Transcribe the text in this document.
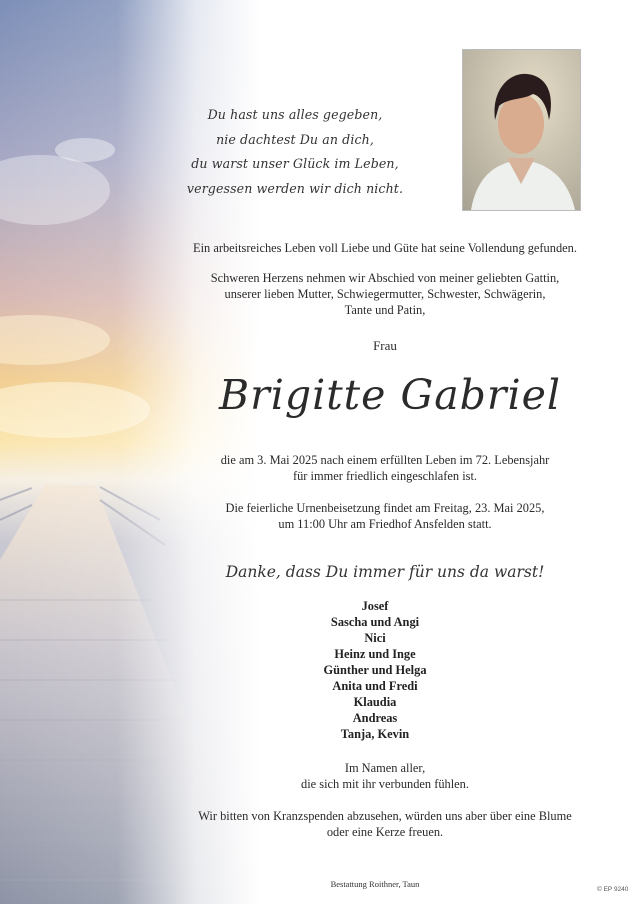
Du hast uns alles gegeben,
nie dachtest Du an dich,
du warst unser Glück im Leben,
vergessen werden wir dich nicht.
Ein arbeitsreiches Leben voll Liebe und Güte hat seine Vollendung gefunden.
Schweren Herzens nehmen wir Abschied von meiner geliebten Gattin,
unserer lieben Mutter, Schwiegermutter, Schwester, Schwägerin,
Tante und Patin,
Frau
Brigitte Gabriel
die am 3. Mai 2025 nach einem erfüllten Leben im 72. Lebensjahr
für immer friedlich eingeschlafen ist.
Die feierliche Urnenbeisetzung findet am Freitag, 23. Mai 2025,
um 11:00 Uhr am Friedhof Ansfelden statt.
Danke, dass Du immer für uns da warst!
Josef
Sascha und Angi
Nici
Heinz und Inge
Günther und Helga
Anita und Fredi
Klaudia
Andreas
Tanja, Kevin
Im Namen aller,
die sich mit ihr verbunden fühlen.
Wir bitten von Kranzspenden abzusehen, würden uns aber über eine Blume
oder eine Kerze freuen.
Bestattung Roithner, Taun
© EP 9240
